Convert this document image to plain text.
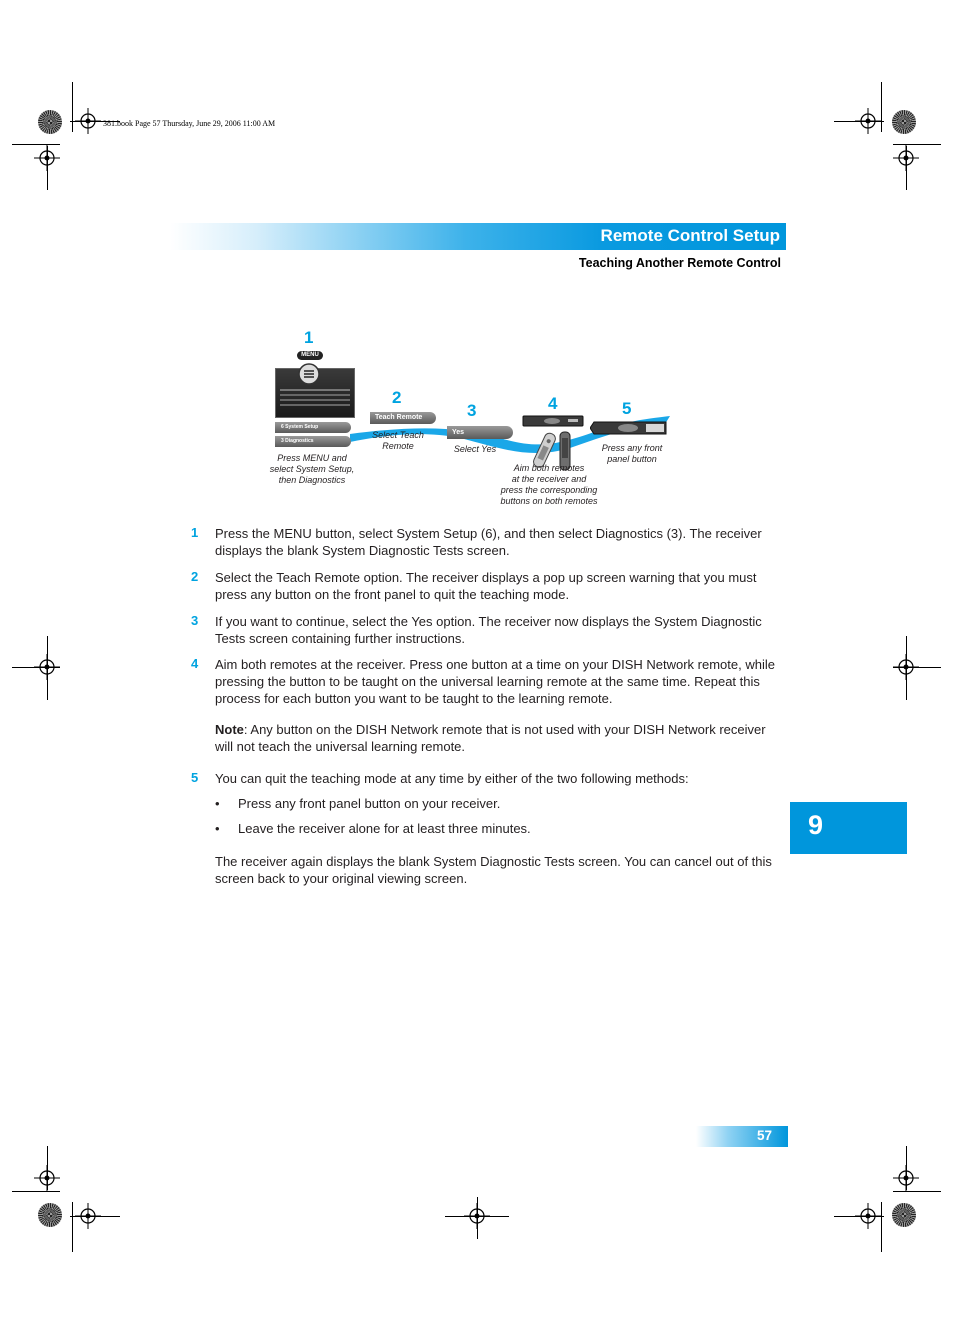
381.book Page 57 Thursday, June 29, 2006 11:00 AM
Remote Control Setup
Teaching Another Remote Control
1
2
3	4	5
MENU
6 System Setup
3 Diagnostics
Teach Remote
Yes
Press MENU and
select System Setup,
then Diagnostics
Select Teach
Remote	Select Yes
Aim both remotes
at the receiver and
press the corresponding
buttons on both remotes
Press any front
panel button
1 Press the MENU button, select System Setup (6), and then select Diagnostics (3). The receiver
displays the blank System Diagnostic Tests screen.
2 Select the Teach Remote option. The receiver displays a pop up screen warning that you must
press any button on the front panel to quit the teaching mode.
3 If you want to continue, select the Yes option. The receiver now displays the System Diagnostic
Tests screen containing further instructions.
4 Aim both remotes at the receiver. Press one button at a time on your DISH Network remote, while
pressing the button to be taught on the universal learning remote at the same time. Repeat this
process for each button you want to be taught to the learning remote.
Note: Any button on the DISH Network remote that is not used with your DISH Network receiver
will not teach the universal learning remote.
5 You can quit the teaching mode at any time by either of the two following methods:
• Press any front panel button on your receiver.
• Leave the receiver alone for at least three minutes.
The receiver again displays the blank System Diagnostic Tests screen. You can cancel out of this
screen back to your original viewing screen.
9
57
